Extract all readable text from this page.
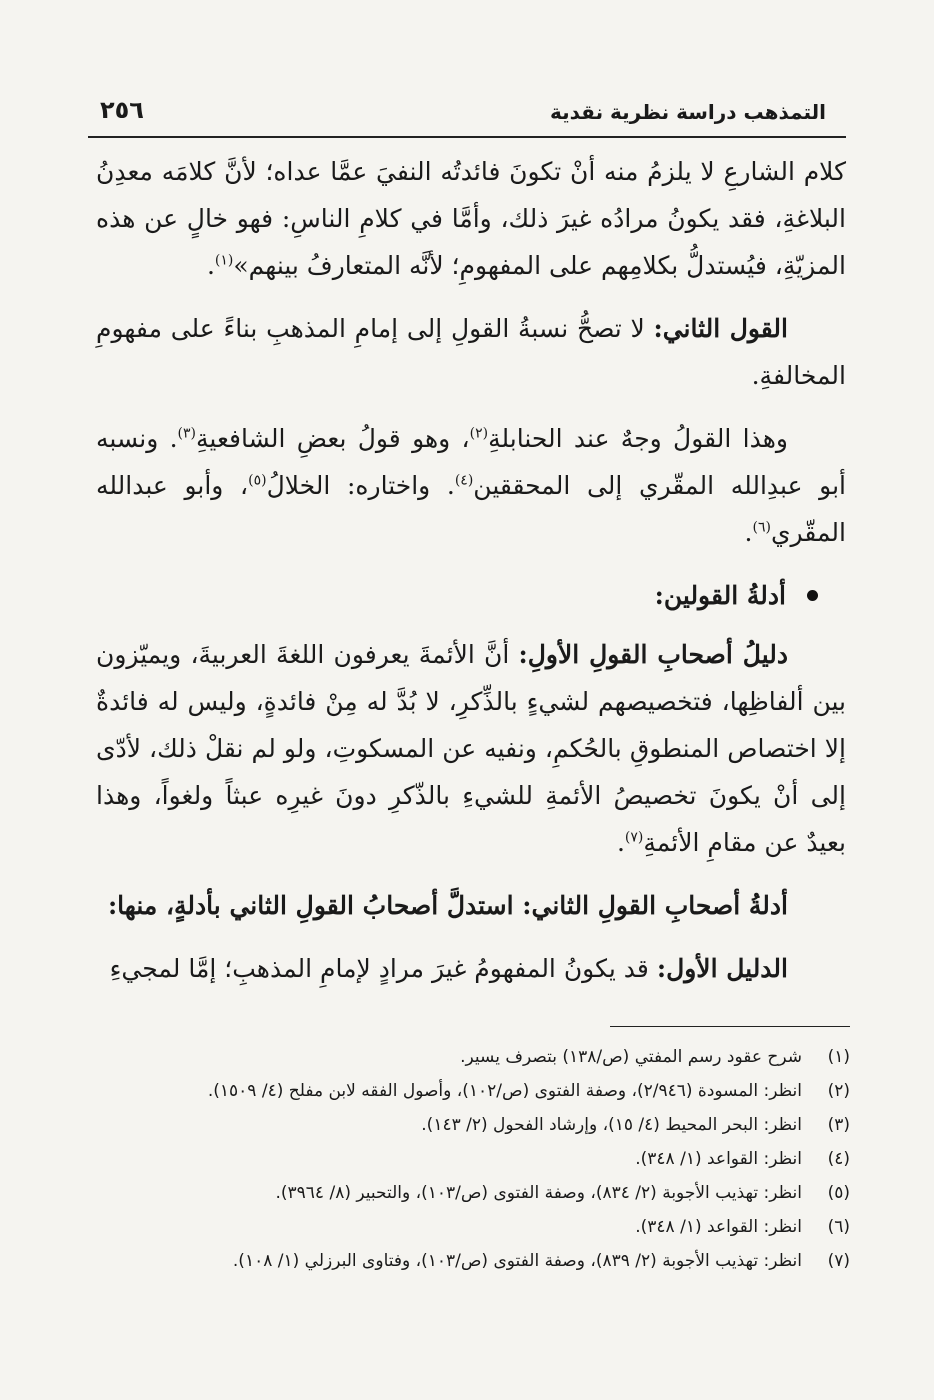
٢٥٦	التمذهب دراسة نظرية نقدية

كلام الشارعِ لا يلزمُ منه أنْ تكونَ فائدتُه النفيَ عمَّا عداه؛ لأنَّ كلامَه معدِنُ البلاغةِ، فقد يكونُ مرادُه غيرَ ذلك، وأمَّا في كلامِ الناسِ: فهو خالٍ عن هذه المزيّةِ، فيُستدلُّ بكلامِهم على المفهومِ؛ لأنَّه المتعارفُ بينهم»$^{(١)}$.

القول الثاني: لا تصحُّ نسبةُ القولِ إلى إمامِ المذهبِ بناءً على مفهومِ المخالفةِ.

وهذا القولُ وجهٌ عند الحنابلةِ$^{(٢)}$، وهو قولُ بعضِ الشافعيةِ$^{(٣)}$. ونسبه أبو عبدِالله المقّري إلى المحققين$^{(٤)}$. واختاره: الخلالُ$^{(٥)}$، وأبو عبدالله المقّري$^{(٦)}$.

أدلةُ القولين:

دليلُ أصحابِ القولِ الأولِ: أنَّ الأئمةَ يعرفون اللغةَ العربيةَ، ويميّزون بين ألفاظِها، فتخصيصهم لشيءٍ بالذِّكرِ، لا بُدَّ له مِنْ فائدةٍ، وليس له فائدةٌ إلا اختصاص المنطوقِ بالحُكمِ، ونفيه عن المسكوتِ، ولو لم نقلْ ذلك، لأدّى إلى أنْ يكونَ تخصيصُ الأئمةِ للشيءِ بالذّكرِ دونَ غيرِه عبثاً ولغواً، وهذا بعيدٌ عن مقامِ الأئمةِ$^{(٧)}$.

أدلةُ أصحابِ القولِ الثاني: استدلَّ أصحابُ القولِ الثاني بأدلةٍ، منها:

الدليل الأول: قد يكونُ المفهومُ غيرَ مرادٍ لإمامِ المذهبِ؛ إمَّا لمجيءِ

(١)
شرح عقود رسم المفتي (ص/١٣٨) بتصرف يسير.
(٢)
انظر: المسودة (٢/٩٤٦)، وصفة الفتوى (ص/١٠٢)، وأصول الفقه لابن مفلح (٤/ ١٥٠٩).
(٣)
انظر: البحر المحيط (٤/ ١٥)، وإرشاد الفحول (٢/ ١٤٣).
(٤)
انظر: القواعد (١/ ٣٤٨).
(٥)
انظر: تهذيب الأجوبة (٢/ ٨٣٤)، وصفة الفتوى (ص/١٠٣)، والتحبير (٨/ ٣٩٦٤).
(٦)
انظر: القواعد (١/ ٣٤٨).
(٧)
انظر: تهذيب الأجوبة (٢/ ٨٣٩)، وصفة الفتوى (ص/١٠٣)، وفتاوى البرزلي (١/ ١٠٨).
